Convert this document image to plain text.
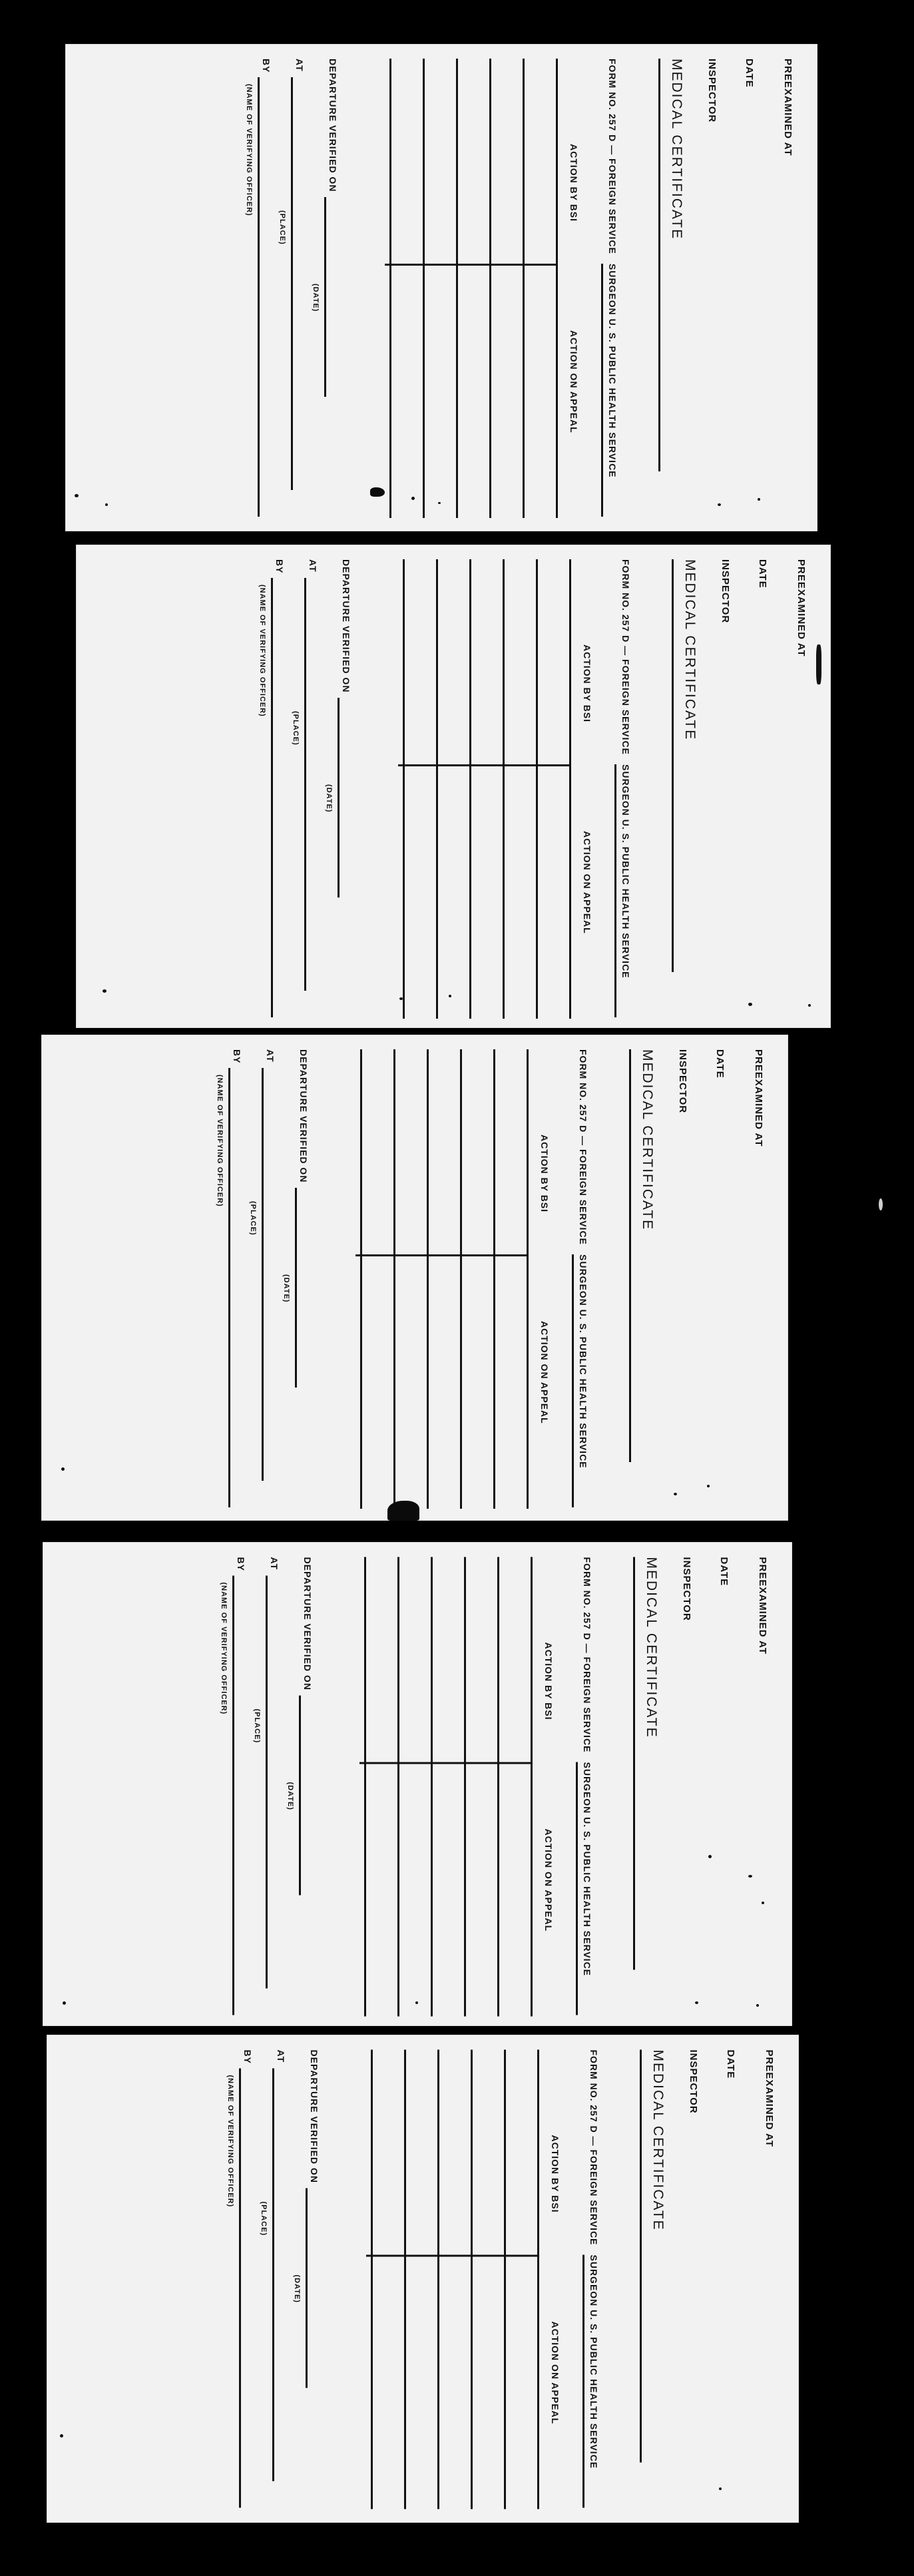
PREEXAMINED AT
DATE
INSPECTOR
MEDICAL CERTIFICATE
FORM NO. 257 D — FOREIGN SERVICE
SURGEON U. S. PUBLIC HEALTH SERVICE
ACTION BY BSI
ACTION ON APPEAL
DEPARTURE VERIFIED ON
(DATE)
AT
(PLACE)
BY
(NAME OF VERIFYING OFFICER)
PREEXAMINED AT
DATE
INSPECTOR
MEDICAL CERTIFICATE
FORM NO. 257 D — FOREIGN SERVICE
SURGEON U. S. PUBLIC HEALTH SERVICE
ACTION BY BSI
ACTION ON APPEAL
DEPARTURE VERIFIED ON
(DATE)
AT
(PLACE)
BY
(NAME OF VERIFYING OFFICER)
PREEXAMINED AT
DATE
INSPECTOR
MEDICAL CERTIFICATE
FORM NO. 257 D — FOREIGN SERVICE
SURGEON U. S. PUBLIC HEALTH SERVICE
ACTION BY BSI
ACTION ON APPEAL
DEPARTURE VERIFIED ON
(DATE)
AT
(PLACE)
BY
(NAME OF VERIFYING OFFICER)
PREEXAMINED AT
DATE
INSPECTOR
MEDICAL CERTIFICATE
FORM NO. 257 D — FOREIGN SERVICE
SURGEON U. S. PUBLIC HEALTH SERVICE
ACTION BY BSI
ACTION ON APPEAL
DEPARTURE VERIFIED ON
(DATE)
AT
(PLACE)
BY
(NAME OF VERIFYING OFFICER)
PREEXAMINED AT
DATE
INSPECTOR
MEDICAL CERTIFICATE
FORM NO. 257 D — FOREIGN SERVICE
SURGEON U. S. PUBLIC HEALTH SERVICE
ACTION BY BSI
ACTION ON APPEAL
DEPARTURE VERIFIED ON
(DATE)
AT
(PLACE)
BY
(NAME OF VERIFYING OFFICER)
